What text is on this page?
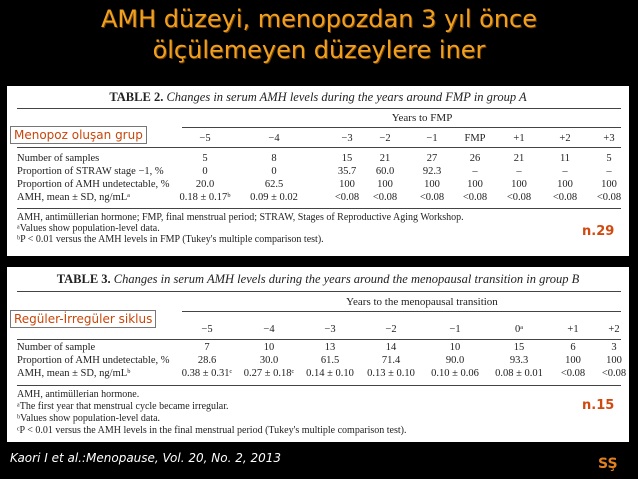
AMH düzeyi, menopozdan 3 yıl önce
ölçülemeyen düzeylere iner
TABLE 2. Changes in serum AMH levels during the years around FMP in group A
Years to FMP
−5	−4	−3	−2	−1	FMP	+1	+2	+3
Number of samples	5	8	15	21	27	26	21	11	5
Proportion of STRAW stage −1, %	0	0	35.7	60.0	92.3	–	–	–	–
Proportion of AMH undetectable, %	20.0	62.5	100	100	100	100	100	100	100
AMH, mean ± SD, ng/mLᵃ	0.18 ± 0.17ᵇ	0.09 ± 0.02	<0.08	<0.08	<0.08	<0.08	<0.08	<0.08	<0.08
AMH, antimüllerian hormone; FMP, final menstrual period; STRAW, Stages of Reproductive Aging Workshop.
ᵃValues show population-level data.
ᵇP < 0.01 versus the AMH levels in FMP (Tukey's multiple comparison test).
Menopoz oluşan grup
n.29
TABLE 3. Changes in serum AMH levels during the years around the menopausal transition in group B
Years to the menopausal transition
−5	−4	−3	−2	−1	0ᵃ	+1	+2
Number of sample	7	10	13	14	10	15	6	3
Proportion of AMH undetectable, %	28.6	30.0	61.5	71.4	90.0	93.3	100	100
AMH, mean ± SD, ng/mLᵇ	0.38 ± 0.31ᶜ	0.27 ± 0.18ᶜ	0.14 ± 0.10	0.13 ± 0.10	0.10 ± 0.06	0.08 ± 0.01	<0.08	<0.08
AMH, antimüllerian hormone.
ᵃThe first year that menstrual cycle became irregular.
ᵇValues show population-level data.
ᶜP < 0.01 versus the AMH levels in the final menstrual period (Tukey's multiple comparison test).
Regüler-İrregüler siklus
n.15
Kaori I et al.:Menopause, Vol. 20, No. 2, 2013	SŞ
